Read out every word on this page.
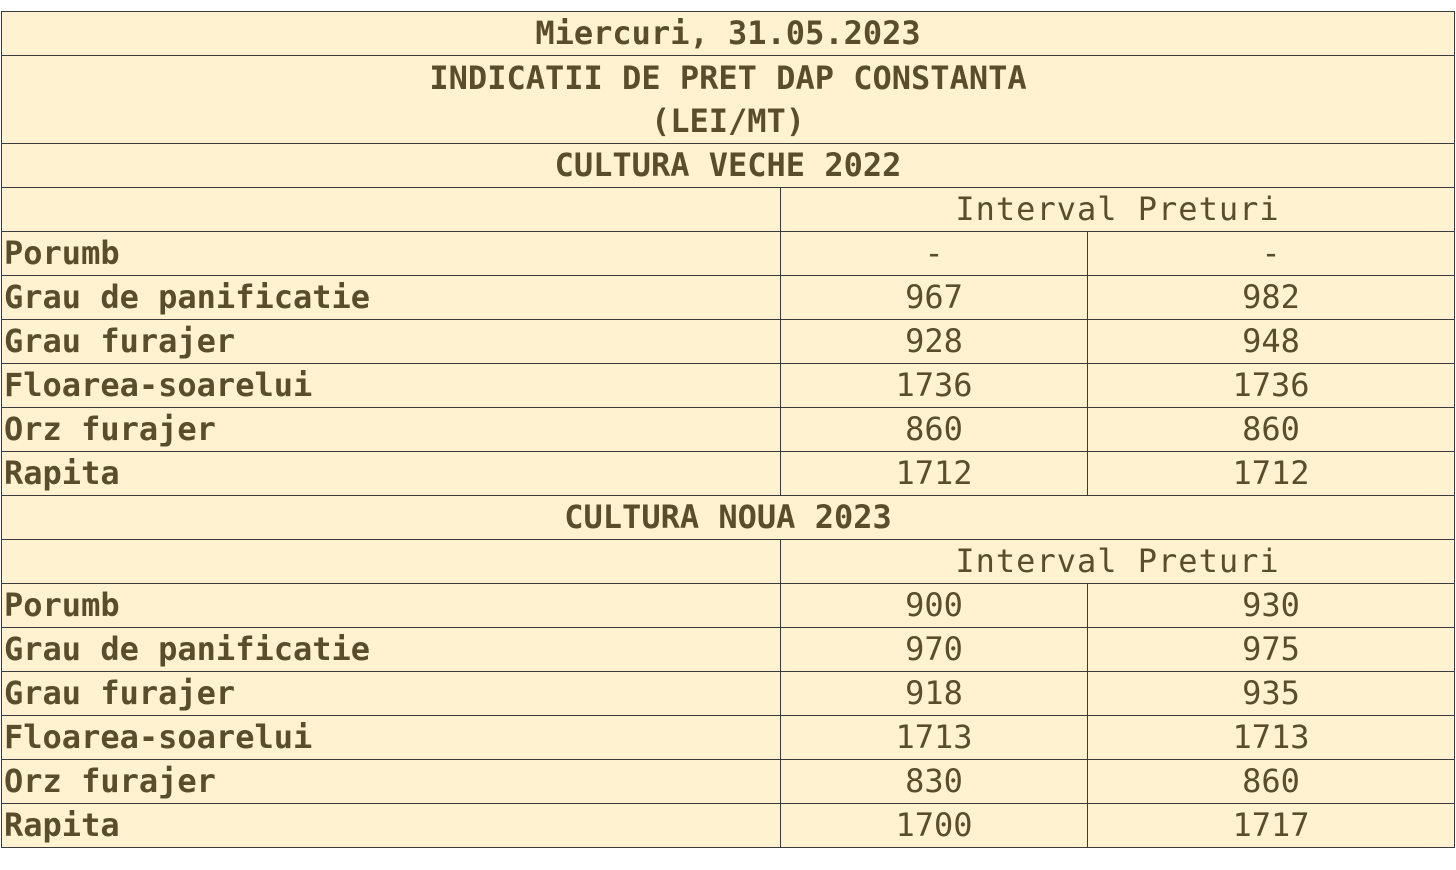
Miercuri, 31.05.2023		

INDICATII DE PRET DAP CONSTANTA
(LEI/MT)		

CULTURA VECHE 2022		
	Interval Preturi	
Porumb	-	-
Grau de panificatie	967	982
Grau furajer	928	948
Floarea-soarelui	1736	1736
Orz furajer	860	860
Rapita	1712	1712
CULTURA NOUA 2023		
	Interval Preturi	
Porumb	900	930
Grau de panificatie	970	975
Grau furajer	918	935
Floarea-soarelui	1713	1713
Orz furajer	830	860
Rapita	1700	1717
